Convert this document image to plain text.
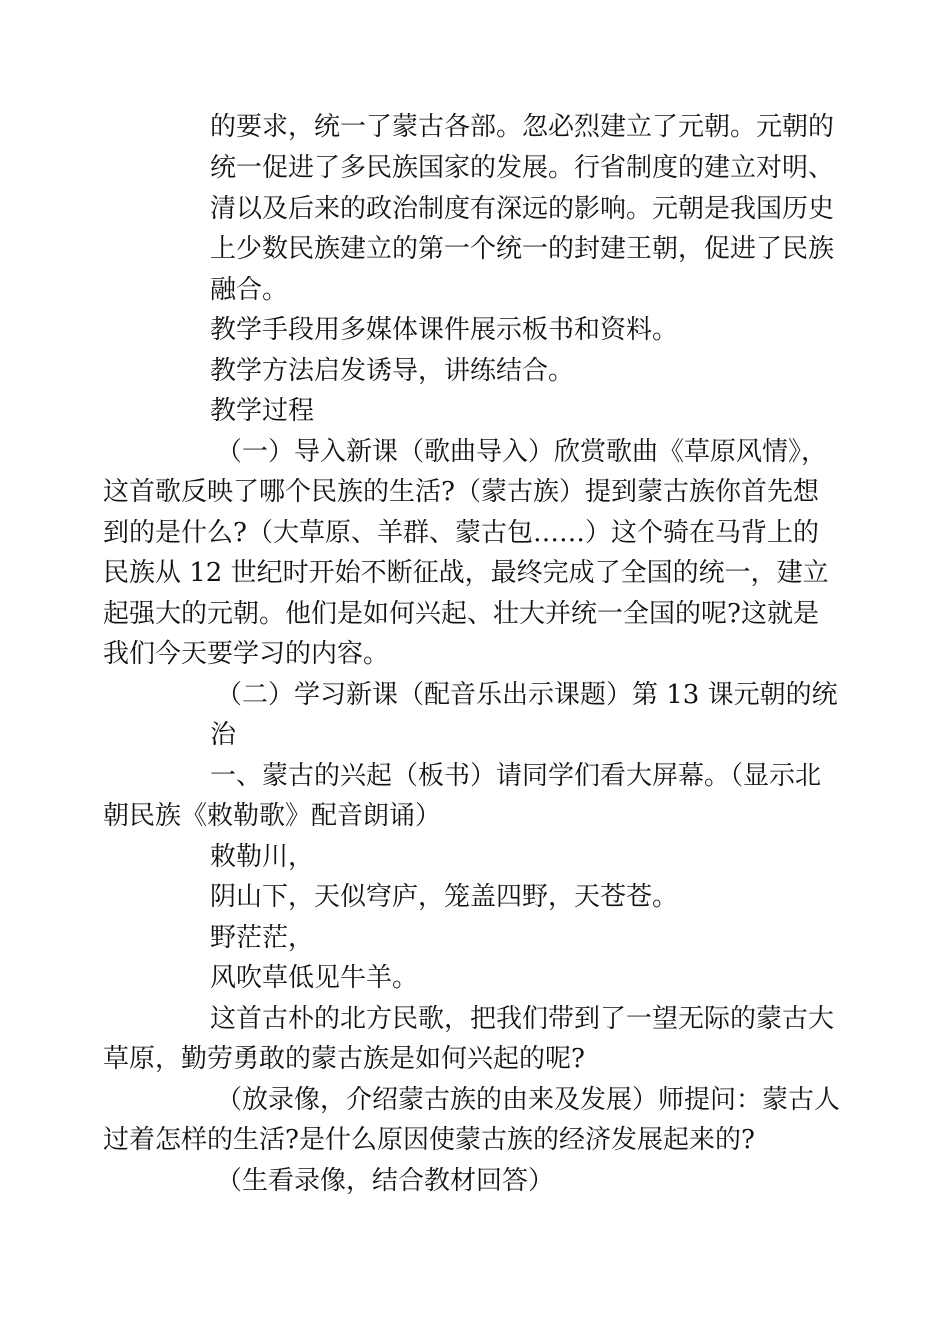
的要求，统一了蒙古各部。忽必烈建立了元朝。元朝的
统一促进了多民族国家的发展。行省制度的建立对明、
清以及后来的政治制度有深远的影响。元朝是我国历史
上少数民族建立的第一个统一的封建王朝，促进了民族
融合。
教学手段用多媒体课件展示板书和资料。
教学方法启发诱导，讲练结合。
教学过程
（一）导入新课（歌曲导入）欣赏歌曲《草原风情》，
这首歌反映了哪个民族的生活?（蒙古族）提到蒙古族你首先想
到的是什么?（大草原、羊群、蒙古包……）这个骑在马背上的
民族从 12 世纪时开始不断征战，最终完成了全国的统一，建立
起强大的元朝。他们是如何兴起、壮大并统一全国的呢?这就是
我们今天要学习的内容。
（二）学习新课（配音乐出示课题）第 13 课元朝的统
治
一、蒙古的兴起（板书）请同学们看大屏幕。（显示北
朝民族《敕勒歌》配音朗诵）
敕勒川，
阴山下，天似穹庐，笼盖四野，天苍苍。
野茫茫，
风吹草低见牛羊。
这首古朴的北方民歌，把我们带到了一望无际的蒙古大
草原，勤劳勇敢的蒙古族是如何兴起的呢?
（放录像，介绍蒙古族的由来及发展）师提问：蒙古人
过着怎样的生活?是什么原因使蒙古族的经济发展起来的?
（生看录像，结合教材回答）
